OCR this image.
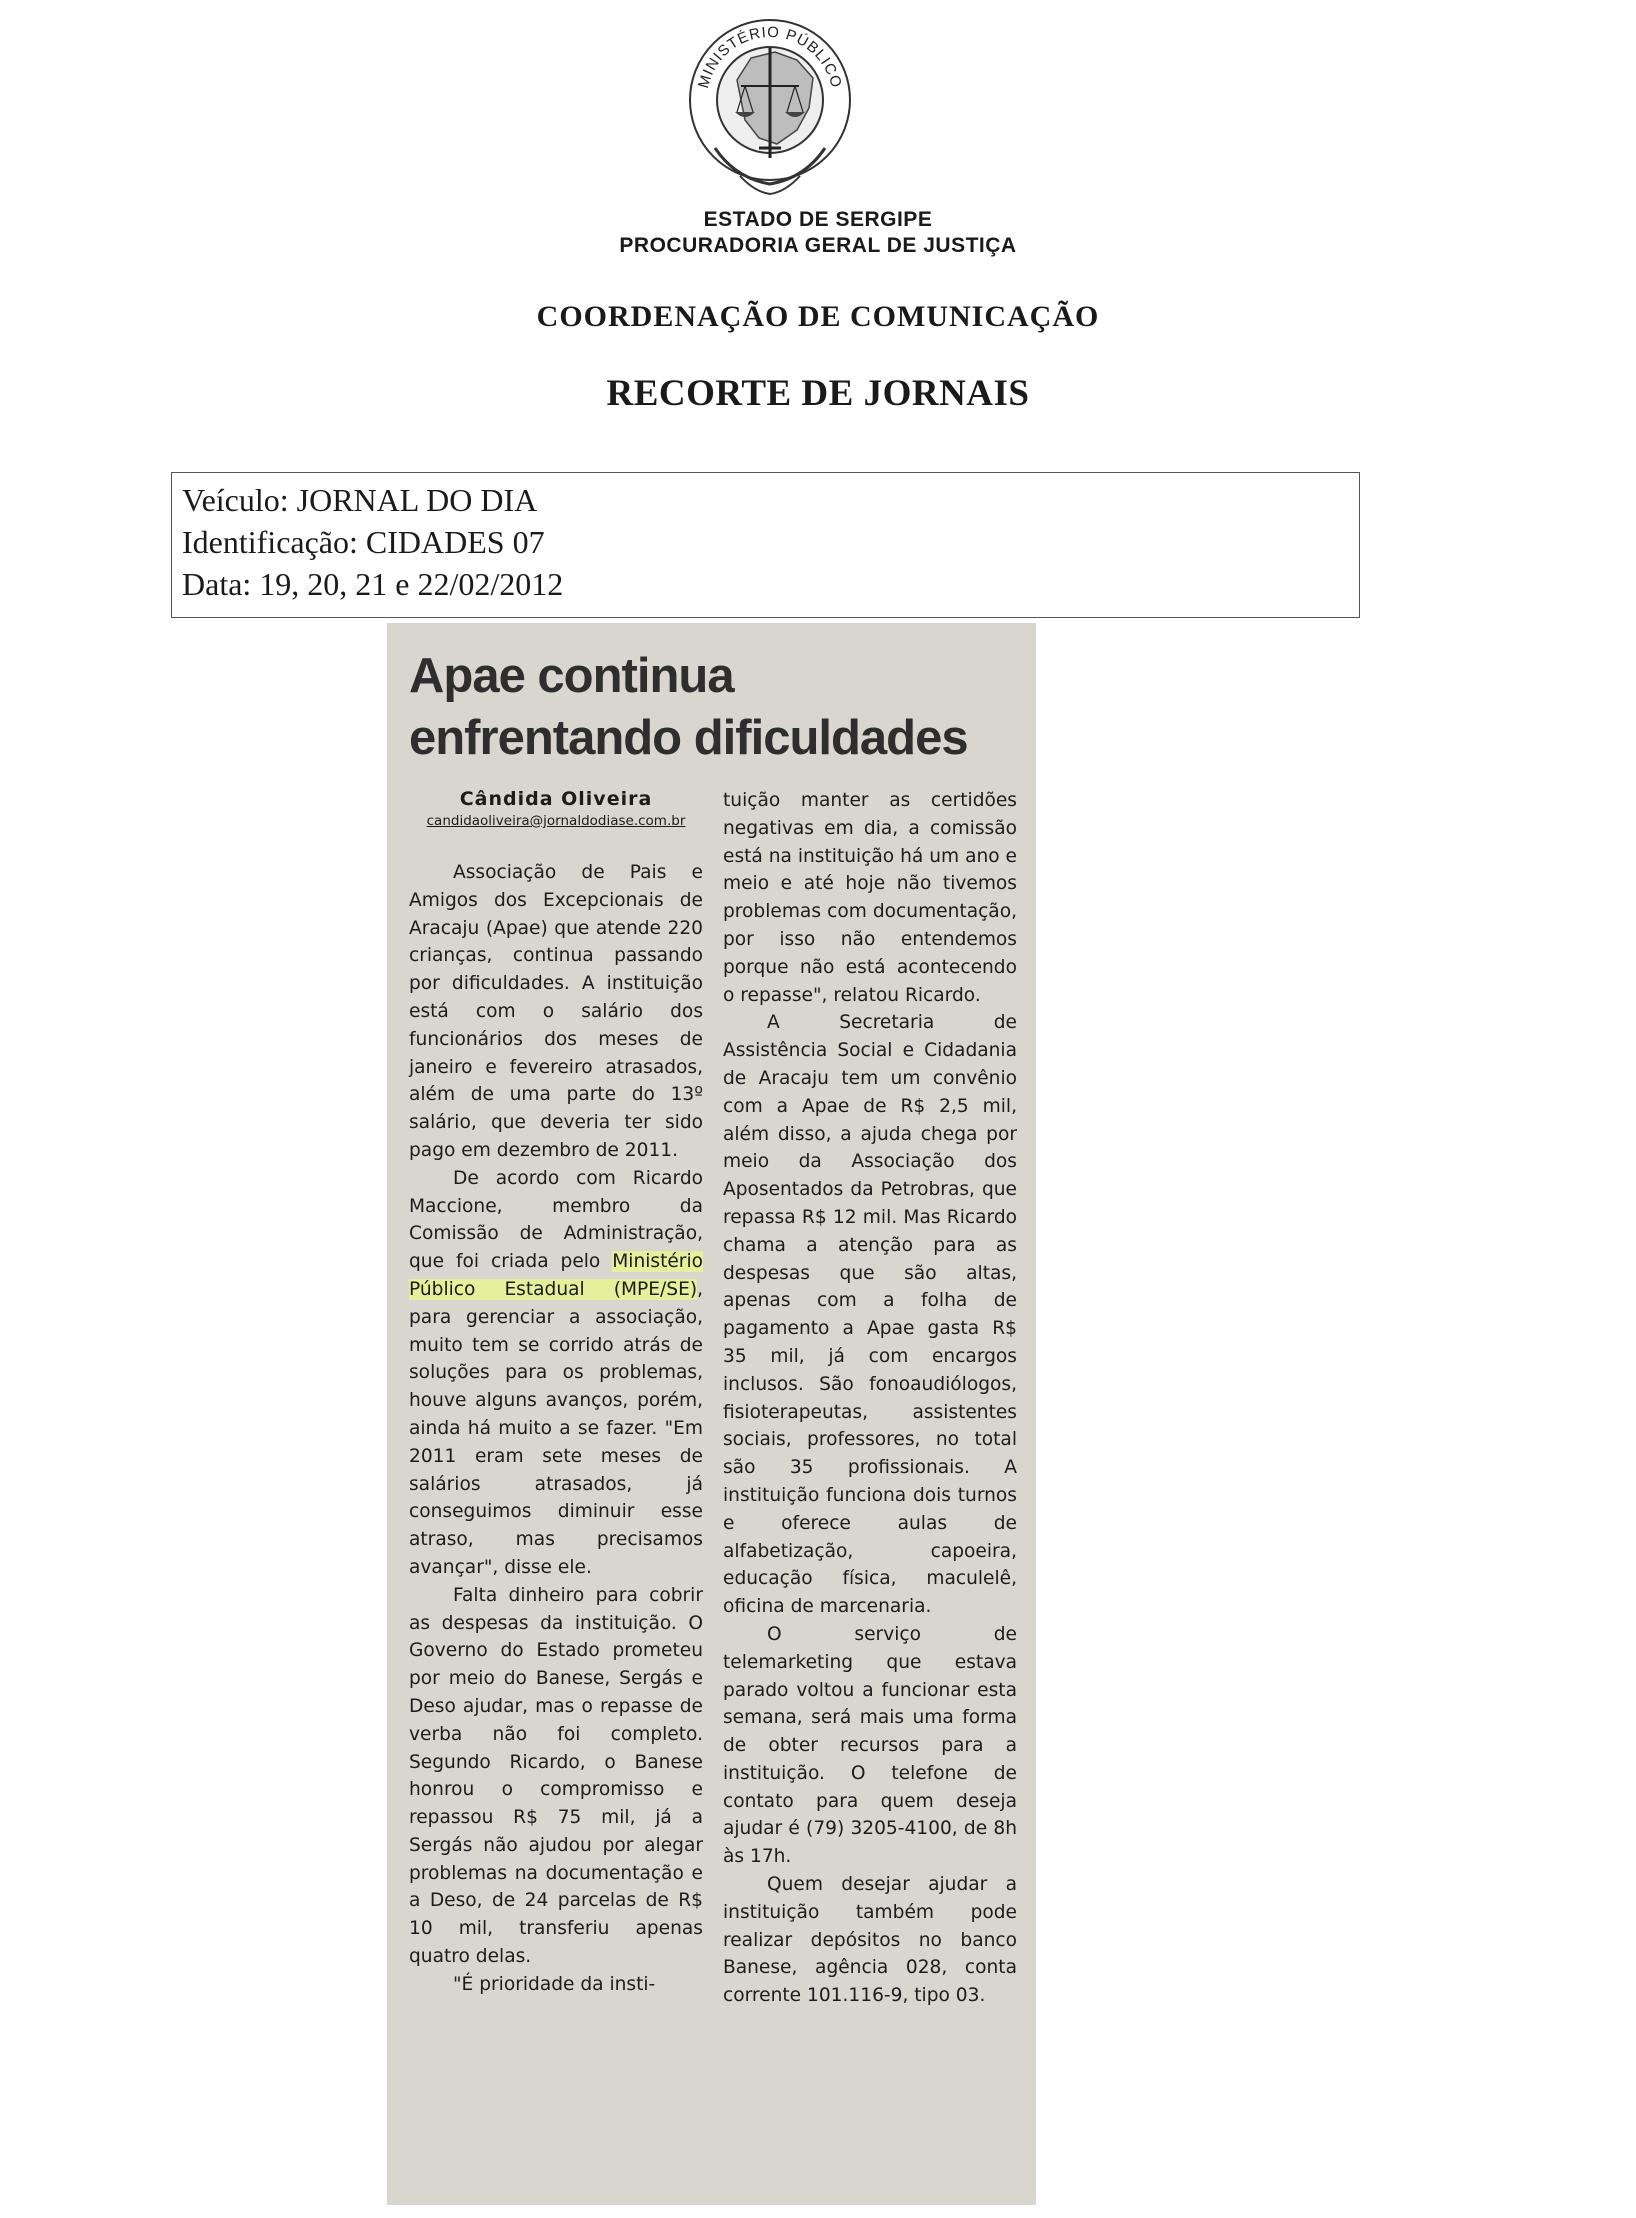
MINISTÉRIO PÚBLICO

ESTADO DE SERGIPE

PROCURADORIA GERAL DE JUSTIÇA

COORDENAÇÃO DE COMUNICAÇÃO

RECORTE DE JORNAIS

Veículo: JORNAL DO DIA
Identificação: CIDADES 07
Data: 19, 20, 21 e 22/02/2012
Apae continua
enfrentando dificuldades
Cândida Oliveira
candidaoliveira@jornaldodiase.com.br

Associação de Pais e Amigos dos Excepcionais de Aracaju (Apae) que atende 220 crianças, continua passando por dificuldades. A instituição está com o salário dos funcionários dos meses de janeiro e fevereiro atrasados, além de uma parte do 13º salário, que deveria ter sido pago em dezembro de 2011.

De acordo com Ricardo Maccione, membro da Comissão de Administração, que foi criada pelo Ministério Público Estadual (MPE/SE), para gerenciar a associação, muito tem se corrido atrás de soluções para os problemas, houve alguns avanços, porém, ainda há muito a se fazer. "Em 2011 eram sete meses de salários atrasados, já conseguimos diminuir esse atraso, mas precisamos avançar", disse ele.

Falta dinheiro para cobrir as despesas da instituição. O Governo do Estado prometeu por meio do Banese, Sergás e Deso ajudar, mas o repasse de verba não foi completo. Segundo Ricardo, o Banese honrou o compromisso e repassou R$ 75 mil, já a Sergás não ajudou por alegar problemas na documentação e a Deso, de 24 parcelas de R$ 10 mil, transferiu apenas quatro delas.

"É prioridade da insti-

tuição manter as certidões negativas em dia, a comissão está na instituição há um ano e meio e até hoje não tivemos problemas com documentação, por isso não entendemos porque não está acontecendo o repasse", relatou Ricardo.

A Secretaria de Assistência Social e Cidadania de Aracaju tem um convênio com a Apae de R$ 2,5 mil, além disso, a ajuda chega por meio da Associação dos Aposentados da Petrobras, que repassa R$ 12 mil. Mas Ricardo chama a atenção para as despesas que são altas, apenas com a folha de pagamento a Apae gasta R$ 35 mil, já com encargos inclusos. São fonoaudiólogos, fisioterapeutas, assistentes sociais, professores, no total são 35 profissionais. A instituição funciona dois turnos e oferece aulas de alfabetização, capoeira, educação física, maculelê, oficina de marcenaria.

O serviço de telemarketing que estava parado voltou a funcionar esta semana, será mais uma forma de obter recursos para a instituição. O telefone de contato para quem deseja ajudar é (79) 3205-4100, de 8h às 17h.

Quem desejar ajudar a instituição também pode realizar depósitos no banco Banese, agência 028, conta corrente 101.116-9, tipo 03.
